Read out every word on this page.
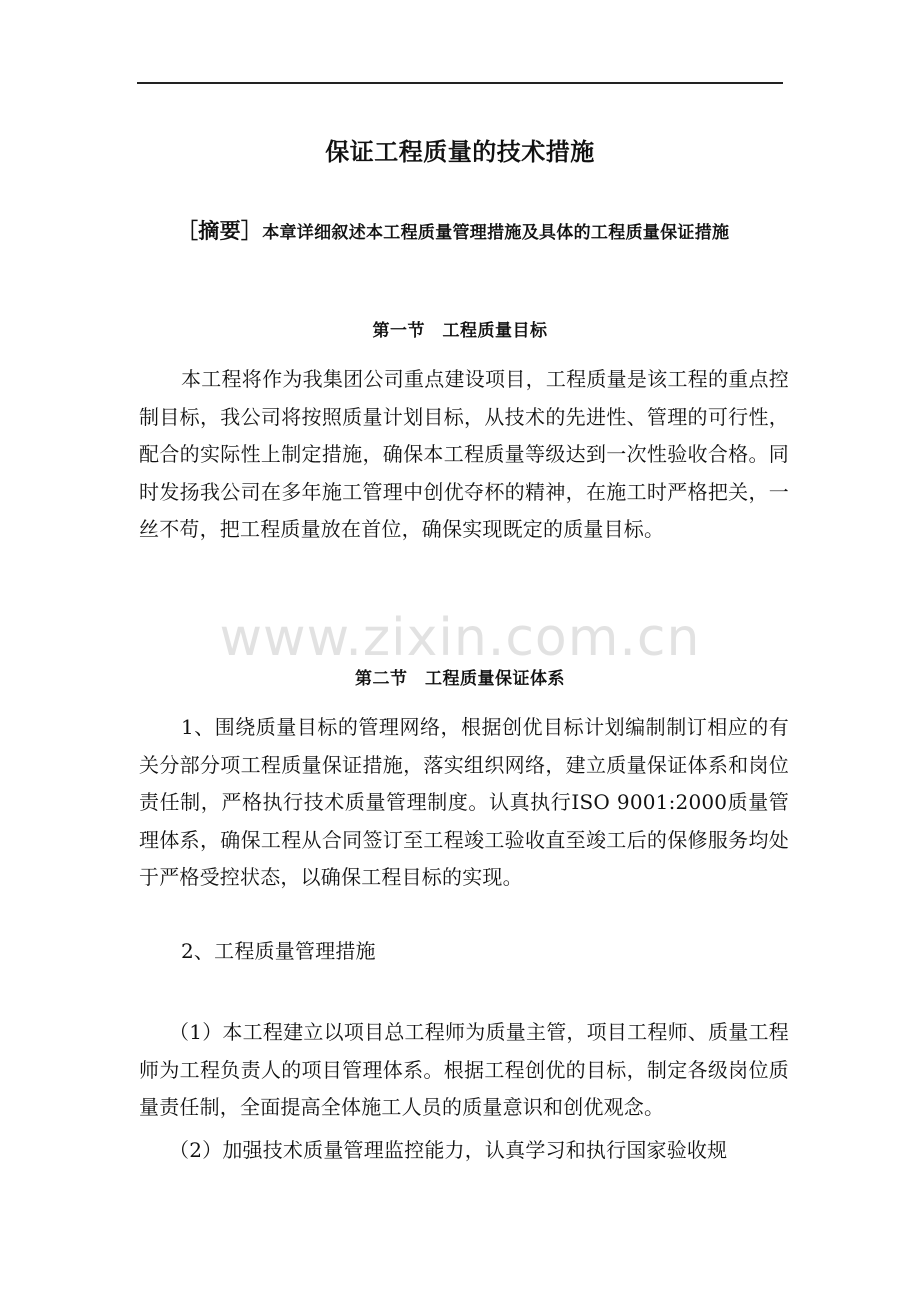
保证工程质量的技术措施

［摘要］本章详细叙述本工程质量管理措施及具体的工程质量保证措施

第一节　工程质量目标

本工程将作为我集团公司重点建设项目，工程质量是该工程的重点控制目标，我公司将按照质量计划目标，从技术的先进性、管理的可行性，配合的实际性上制定措施，确保本工程质量等级达到一次性验收合格。同时发扬我公司在多年施工管理中创优夺杯的精神，在施工时严格把关，一丝不苟，把工程质量放在首位，确保实现既定的质量目标。

www.zixin.com.cn
第二节　工程质量保证体系

1、围绕质量目标的管理网络，根据创优目标计划编制制订相应的有关分部分项工程质量保证措施，落实组织网络，建立质量保证体系和岗位责任制，严格执行技术质量管理制度。认真执行ISO 9001:2000质量管理体系，确保工程从合同签订至工程竣工验收直至竣工后的保修服务均处于严格受控状态，以确保工程目标的实现。

2、工程质量管理措施

（1）本工程建立以项目总工程师为质量主管，项目工程师、质量工程师为工程负责人的项目管理体系。根据工程创优的目标，制定各级岗位质量责任制，全面提高全体施工人员的质量意识和创优观念。

（2）加强技术质量管理监控能力，认真学习和执行国家验收规
